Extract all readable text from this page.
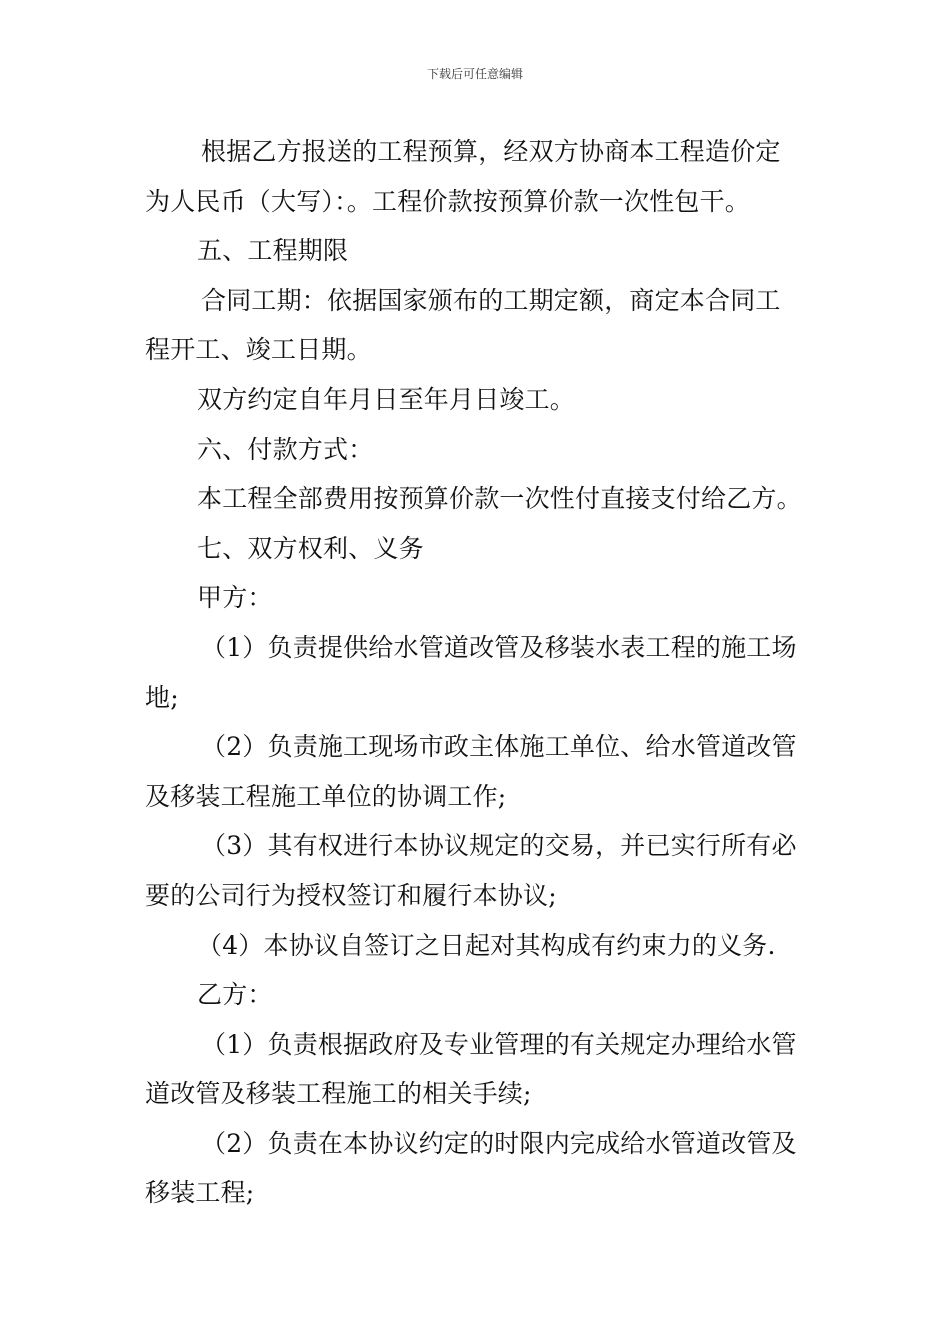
下载后可任意编辑

根据乙方报送的工程预算，经双方协商本工程造价定
为人民币（大写）：。工程价款按预算价款一次性包干。

五、工程期限

合同工期：依据国家颁布的工期定额，商定本合同工
程开工、竣工日期。

双方约定自年月日至年月日竣工。

六、付款方式：

本工程全部费用按预算价款一次性付直接支付给乙方。

七、双方权利、义务

甲方：

（1）负责提供给水管道改管及移装水表工程的施工场
地;

（2）负责施工现场市政主体施工单位、给水管道改管
及移装工程施工单位的协调工作;

（3）其有权进行本协议规定的交易，并已实行所有必
要的公司行为授权签订和履行本协议;

（4）本协议自签订之日起对其构成有约束力的义务.

乙方：

（1）负责根据政府及专业管理的有关规定办理给水管
道改管及移装工程施工的相关手续;

（2）负责在本协议约定的时限内完成给水管道改管及
移装工程;
